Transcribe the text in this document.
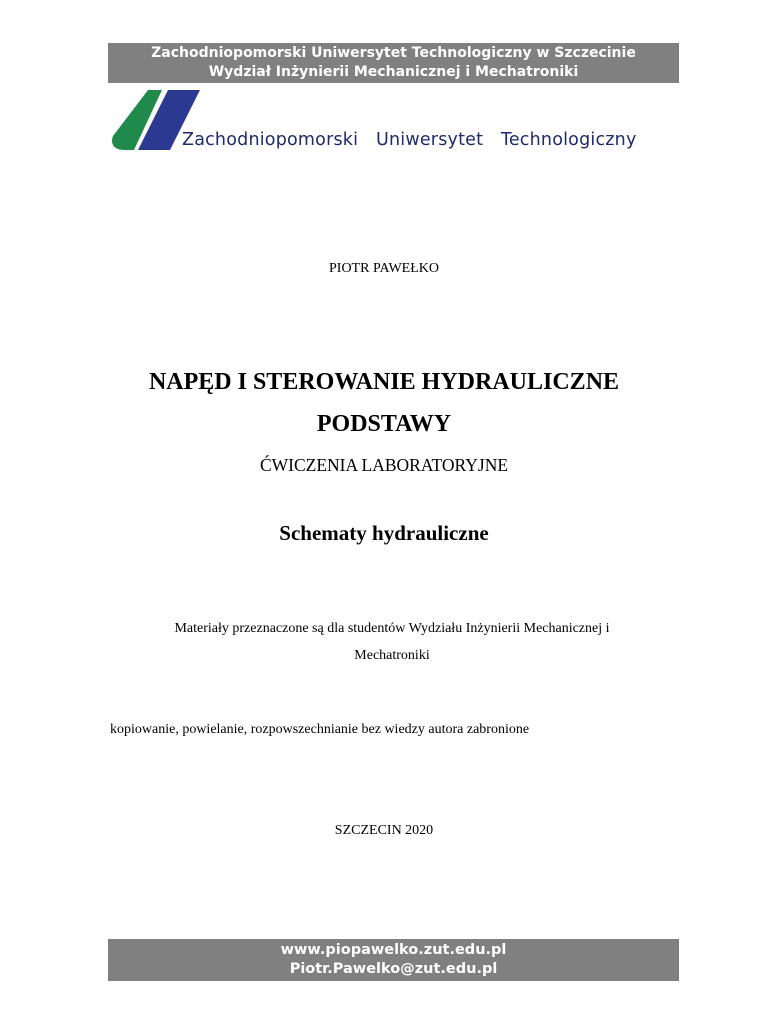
Zachodniopomorski Uniwersytet Technologiczny w Szczecinie
Wydział Inżynierii Mechanicznej i Mechatroniki
Zachodniopomorski Uniwersytet Technologiczny
PIOTR PAWEŁKO
NAPĘD I STEROWANIE HYDRAULICZNE
PODSTAWY
ĆWICZENIA LABORATORYJNE
Schematy hydrauliczne
Materiały przeznaczone są dla studentów Wydziału Inżynierii Mechanicznej i
Mechatroniki
kopiowanie, powielanie, rozpowszechnianie bez wiedzy autora zabronione
SZCZECIN 2020
www.piopawelko.zut.edu.pl
Piotr.Pawelko@zut.edu.pl
